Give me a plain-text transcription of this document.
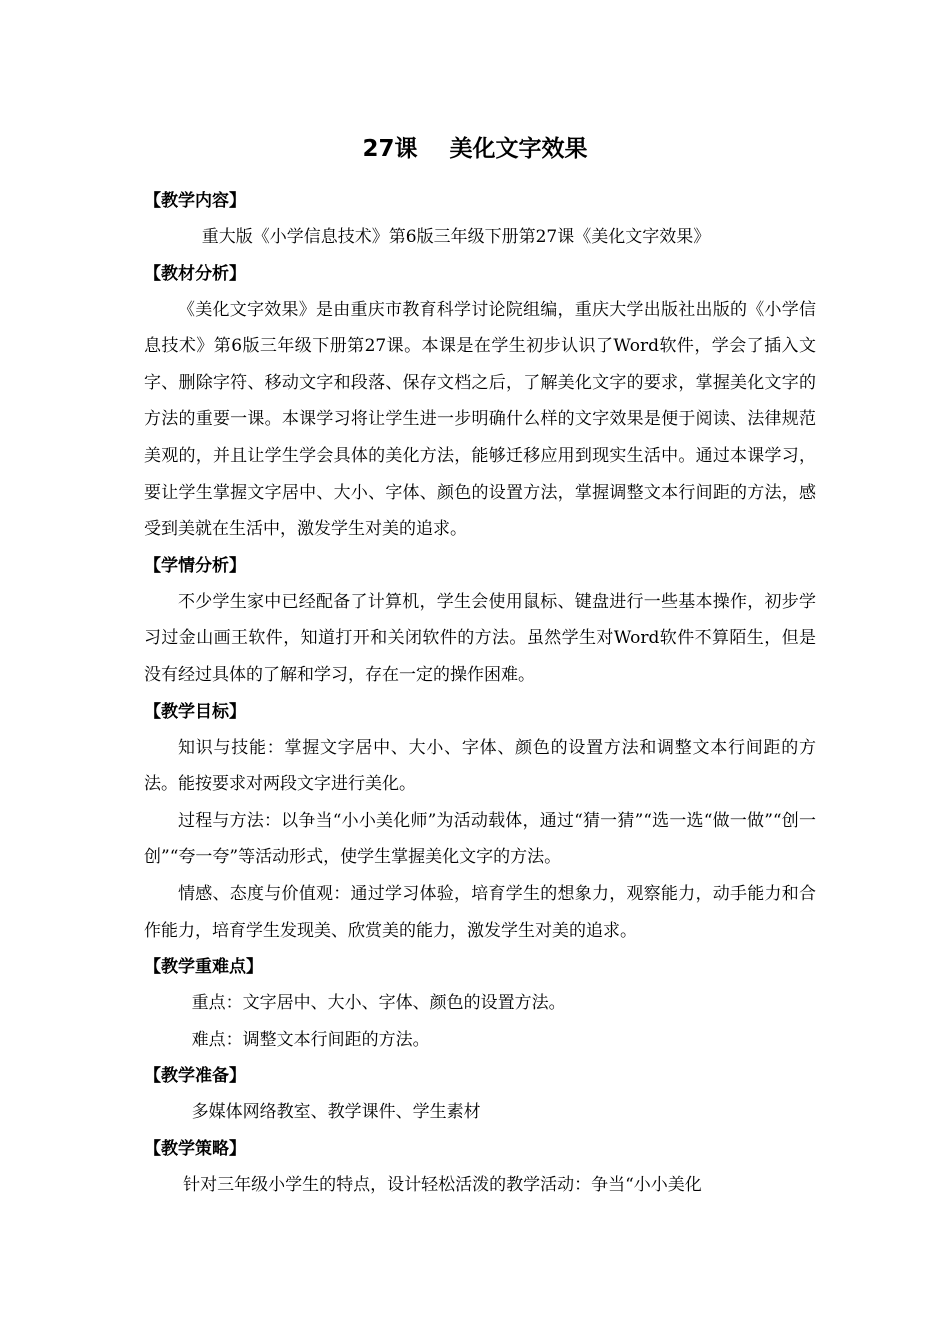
27课    美化文字效果
【教学内容】

重大版《小学信息技术》第6版三年级下册第27课《美化文字效果》

【教材分析】

《美化文字效果》是由重庆市教育科学讨论院组编，重庆大学出版社出版的《小学信息技术》第6版三年级下册第27课。本课是在学生初步认识了Word软件，学会了插入文字、删除字符、移动文字和段落、保存文档之后，了解美化文字的要求，掌握美化文字的方法的重要一课。本课学习将让学生进一步明确什么样的文字效果是便于阅读、法律规范美观的，并且让学生学会具体的美化方法，能够迁移应用到现实生活中。通过本课学习，要让学生掌握文字居中、大小、字体、颜色的设置方法，掌握调整文本行间距的方法，感受到美就在生活中，激发学生对美的追求。

【学情分析】

不少学生家中已经配备了计算机，学生会使用鼠标、键盘进行一些基本操作，初步学习过金山画王软件，知道打开和关闭软件的方法。虽然学生对Word软件不算陌生，但是没有经过具体的了解和学习，存在一定的操作困难。

【教学目标】

知识与技能：掌握文字居中、大小、字体、颜色的设置方法和调整文本行间距的方法。能按要求对两段文字进行美化。

过程与方法：以争当“小小美化师”为活动载体，通过“猜一猜”“选一选“做一做”“创一创”“夸一夸”等活动形式，使学生掌握美化文字的方法。

情感、态度与价值观：通过学习体验，培育学生的想象力，观察能力，动手能力和合作能力，培育学生发现美、欣赏美的能力，激发学生对美的追求。

【教学重难点】

重点：文字居中、大小、字体、颜色的设置方法。

难点：调整文本行间距的方法。

【教学准备】

多媒体网络教室、教学课件、学生素材

【教学策略】

针对三年级小学生的特点，设计轻松活泼的教学活动：争当“小小美化
